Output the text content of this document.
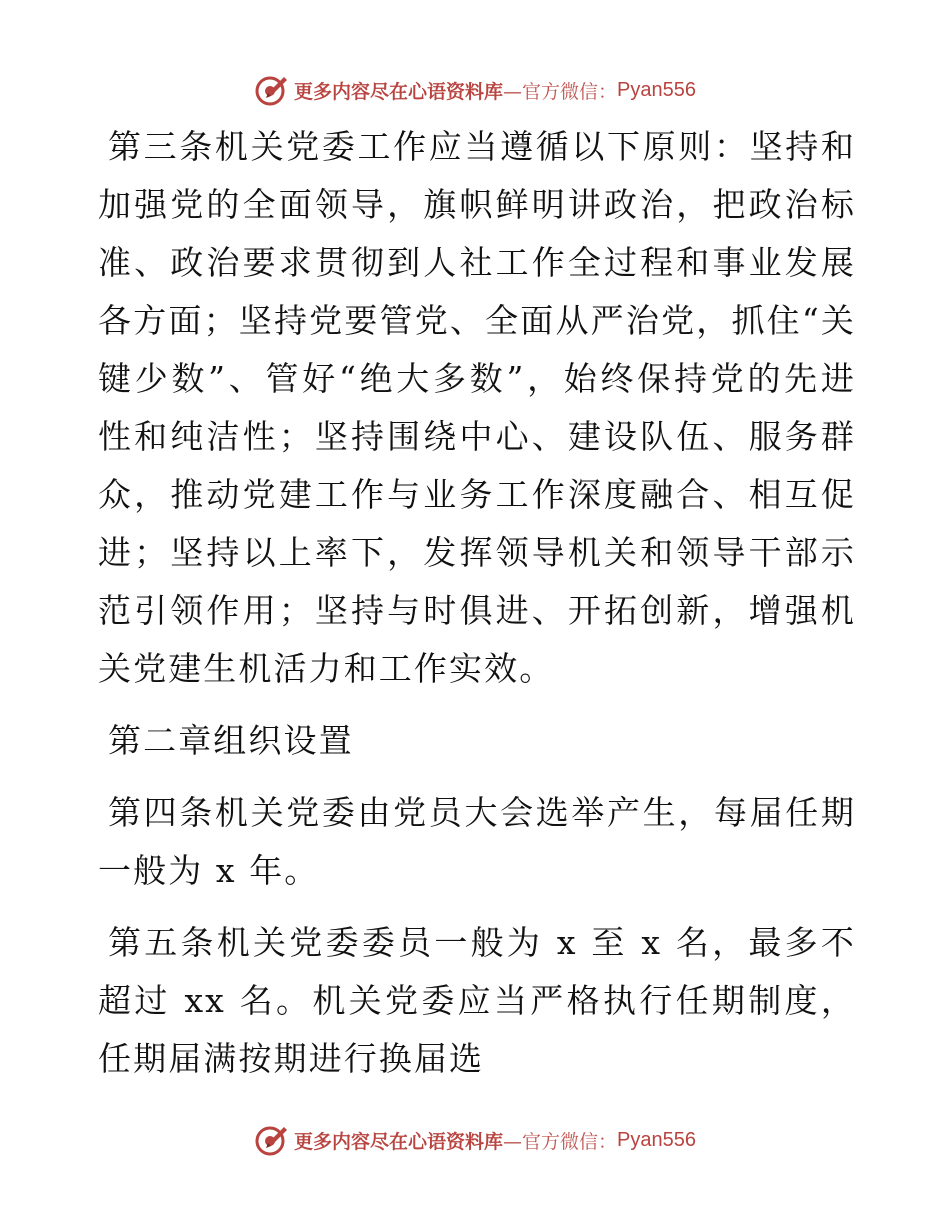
更多内容尽在心语资料库 —官方微信： Pyan556

第三条机关党委工作应当遵循以下原则：坚持和加强党的全面领导，旗帜鲜明讲政治，把政治标准、政治要求贯彻到人社工作全过程和事业发展各方面；坚持党要管党、全面从严治党，抓住“关键少数”、管好“绝大多数”，始终保持党的先进性和纯洁性；坚持围绕中心、建设队伍、服务群众，推动党建工作与业务工作深度融合、相互促进；坚持以上率下，发挥领导机关和领导干部示范引领作用；坚持与时俱进、开拓创新，增强机关党建生机活力和工作实效。

第二章组织设置

第四条机关党委由党员大会选举产生，每届任期一般为 x 年。

第五条机关党委委员一般为 x 至 x 名，最多不超过 xx 名。机关党委应当严格执行任期制度，任期届满按期进行换届选

更多内容尽在心语资料库 —官方微信： Pyan556
